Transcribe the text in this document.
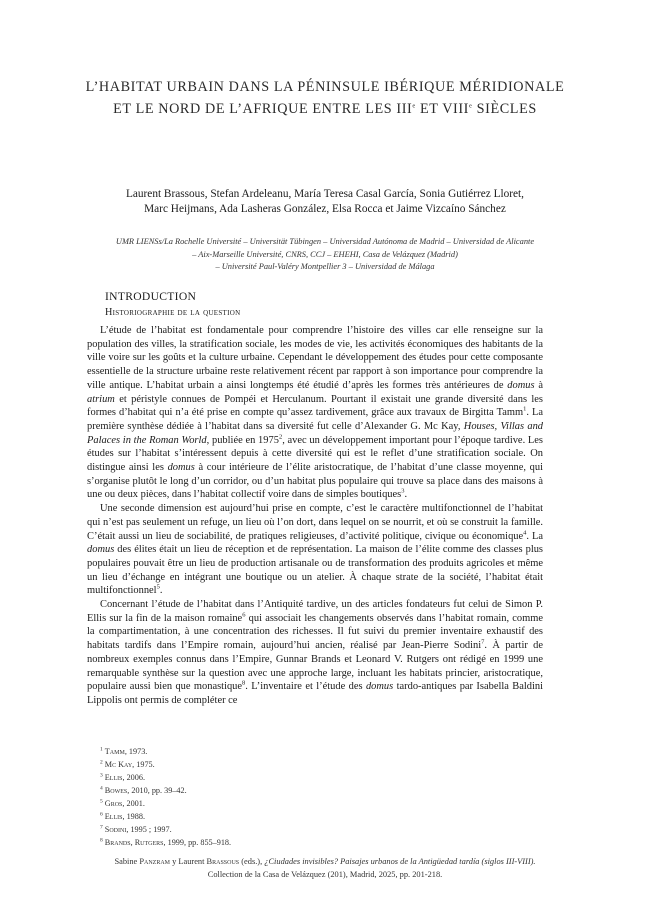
L’HABITAT URBAIN DANS LA PÉNINSULE IBÉRIQUE MÉRIDIONALE
ET LE NORD DE L’AFRIQUE ENTRE LES IIIe ET VIIIe SIÈCLES
Laurent Brassous, Stefan Ardeleanu, María Teresa Casal García, Sonia Gutiérrez Lloret,
Marc Heijmans, Ada Lasheras González, Elsa Rocca et Jaime Vizcaíno Sánchez
UMR LIENSs/La Rochelle Université – Universität Tübingen – Universidad Autónoma de Madrid – Universidad de Alicante
– Aix-Marseille Université, CNRS, CCJ – EHEHI, Casa de Velázquez (Madrid)
– Université Paul-Valéry Montpellier 3 – Universidad de Málaga
INTRODUCTION
Historiographie de la question

L’étude de l’habitat est fondamentale pour comprendre l’histoire des villes car elle renseigne sur la population des villes, la stratification sociale, les modes de vie, les activités économiques des habitants de la ville voire sur les goûts et la culture urbaine. Cependant le développement des études pour cette composante essentielle de la structure urbaine reste relativement récent par rapport à son importance pour comprendre la ville antique. L’habitat urbain a ainsi longtemps été étudié d’après les formes très antérieures de domus à atrium et péristyle connues de Pompéi et Herculanum. Pourtant il existait une grande diversité dans les formes d’habitat qui n’a été prise en compte qu’assez tardivement, grâce aux travaux de Birgitta Tamm$^1$. La première synthèse dédiée à l’habitat dans sa diversité fut celle d’Alexander G. Mc Kay, Houses, Villas and Palaces in the Roman World, publiée en 1975$^2$, avec un développement important pour l’époque tardive. Les études sur l’habitat s’intéressent depuis à cette diversité qui est le reflet d’une stratification sociale. On distingue ainsi les domus à cour intérieure de l’élite aristocratique, de l’habitat d’une classe moyenne, qui s’organise plutôt le long d’un corridor, ou d’un habitat plus populaire qui trouve sa place dans des maisons à une ou deux pièces, dans l’habitat collectif voire dans de simples boutiques$^3$.

Une seconde dimension est aujourd’hui prise en compte, c’est le caractère multifonctionnel de l’habitat qui n’est pas seulement un refuge, un lieu où l’on dort, dans lequel on se nourrit, et où se construit la famille. C’était aussi un lieu de sociabilité, de pratiques religieuses, d’activité politique, civique ou économique$^4$. La domus des élites était un lieu de réception et de représentation. La maison de l’élite comme des classes plus populaires pouvait être un lieu de production artisanale ou de transformation des produits agricoles et même un lieu d’échange en intégrant une boutique ou un atelier. À chaque strate de la société, l’habitat était multifonctionnel$^5$.

Concernant l’étude de l’habitat dans l’Antiquité tardive, un des articles fondateurs fut celui de Simon P. Ellis sur la fin de la maison romaine$^6$ qui associait les changements observés dans l’habitat romain, comme la compartimentation, à une concentration des richesses. Il fut suivi du premier inventaire exhaustif des habitats tardifs dans l’Empire romain, aujourd’hui ancien, réalisé par Jean-Pierre Sodini$^7$. À partir de nombreux exemples connus dans l’Empire, Gunnar Brands et Leonard V. Rutgers ont rédigé en 1999 une remarquable synthèse sur la question avec une approche large, incluant les habitats princier, aristocratique, populaire aussi bien que monastique$^8$. L’inventaire et l’étude des domus tardo-antiques par Isabella Baldini Lippolis ont permis de compléter ce

$^1$ Tamm, 1973.
$^2$ Mc Kay, 1975.
$^3$ Ellis, 2006.
$^4$ Bowes, 2010, pp. 39–42.
$^5$ Gros, 2001.
$^6$ Ellis, 1988.
$^7$ Sodini, 1995 ; 1997.
$^8$ Brands, Rutgers, 1999, pp. 855–918.
Sabine Panzram y Laurent Brassous (eds.), ¿Ciudades invisibles? Paisajes urbanos de la Antigüedad tardía (siglos III-VIII).
Collection de la Casa de Velázquez (201), Madrid, 2025, pp. 201-218.
